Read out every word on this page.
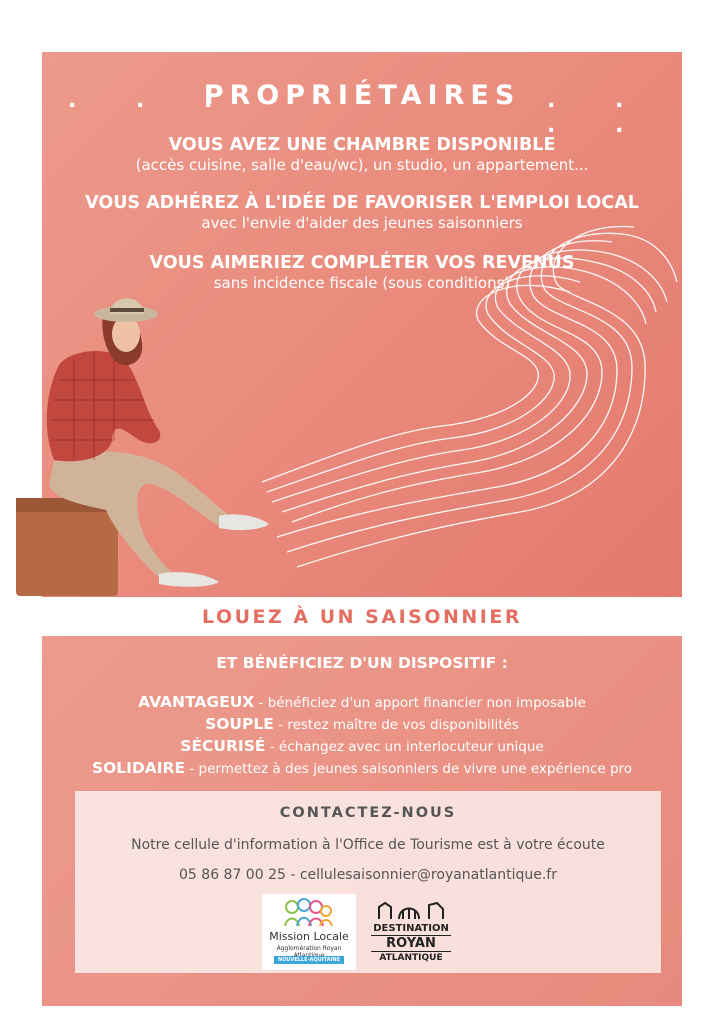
. . .
PROPRIÉTAIRES	. . . .
VOUS AVEZ UNE CHAMBRE DISPONIBLE
(accès cuisine, salle d'eau/wc), un studio, un appartement...
VOUS ADHÉREZ À L'IDÉE DE FAVORISER L'EMPLOI LOCAL
avec l'envie d'aider des jeunes saisonniers
VOUS AIMERIEZ COMPLÉTER VOS REVENUS
sans incidence fiscale (sous conditions)
LOUEZ À UN SAISONNIER
ET BÉNÉFICIEZ D'UN DISPOSITIF :
AVANTAGEUX - bénéficiez d'un apport financier non imposable
SOUPLE - restez maître de vos disponibilités
SÉCURISÉ - échangez avec un interlocuteur unique
SOLIDAIRE - permettez à des jeunes saisonniers de vivre une expérience pro
CONTACTEZ-NOUS
Notre cellule d'information à l'Office de Tourisme est à votre écoute
05 86 87 00 25 - cellulesaisonnier@royanatlantique.fr
Mission Locale
Agglomération Royan
NOUVELLE-AQUITAINE
DESTINATION
ROYAN
ATLANTIQUE
